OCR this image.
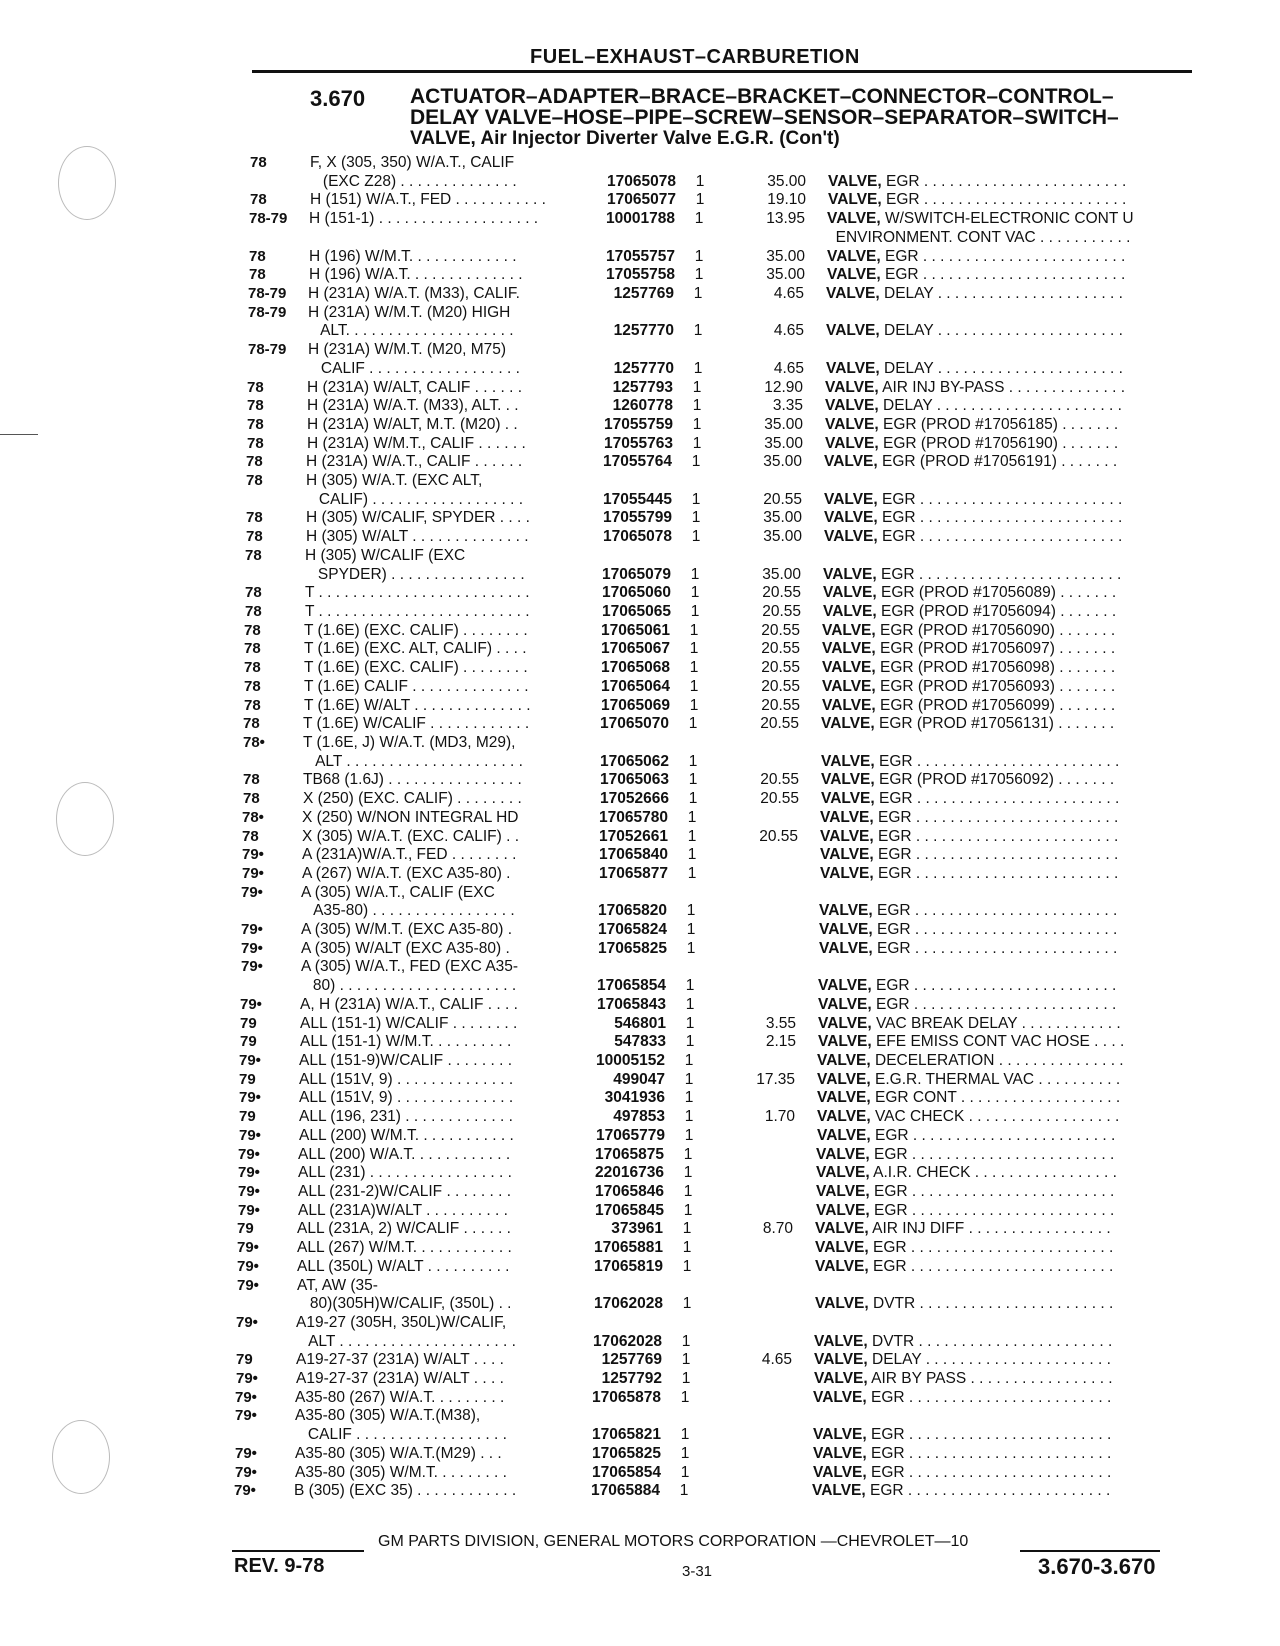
FUEL–EXHAUST–CARBURETION
3.670 ACTUATOR–ADAPTER–BRACE–BRACKET–CONNECTOR–CONTROL–
DELAY VALVE–HOSE–PIPE–SCREW–SENSOR–SEPARATOR–SWITCH–
VALVE, Air Injector Diverter Valve E.G.R. (Con't)
78	F, X (305, 350) W/A.T., CALIF
(EXC Z28) . . . . . . . . . . . . . .	17065078 1	35.00 VALVE, EGR . . . . . . . . . . . . . . . . . . . . . . . .
78	H (151) W/A.T., FED . . . . . . . . . . .	17065077 1	19.10 VALVE, EGR . . . . . . . . . . . . . . . . . . . . . . . .
78-79 H (151-1) . . . . . . . . . . . . . . . . . . .	10001788 1	13.95 VALVE, W/SWITCH-ELECTRONIC CONT U
ENVIRONMENT. CONT VAC . . . . . . . . . . .
78	H (196) W/M.T. . . . . . . . . . . . .	17055757 1	35.00 VALVE, EGR . . . . . . . . . . . . . . . . . . . . . . . .
78	H (196) W/A.T. . . . . . . . . . . . . .	17055758 1	35.00 VALVE, EGR . . . . . . . . . . . . . . . . . . . . . . . .
78-79 H (231A) W/A.T. (M33), CALIF.	1257769 1	4.65 VALVE, DELAY . . . . . . . . . . . . . . . . . . . . . .
78-79 H (231A) W/M.T. (M20) HIGH
ALT. . . . . . . . . . . . . . . . . . . .	1257770 1	4.65 VALVE, DELAY . . . . . . . . . . . . . . . . . . . . . .
78-79 H (231A) W/M.T. (M20, M75)
CALIF . . . . . . . . . . . . . . . . . .	1257770 1	4.65 VALVE, DELAY . . . . . . . . . . . . . . . . . . . . . .
78	H (231A) W/ALT, CALIF . . . . . .	1257793 1	12.90 VALVE, AIR INJ BY-PASS . . . . . . . . . . . . . .
78	H (231A) W/A.T. (M33), ALT. . .	1260778 1	3.35 VALVE, DELAY . . . . . . . . . . . . . . . . . . . . . .
78	H (231A) W/ALT, M.T. (M20) . .	17055759 1	35.00 VALVE, EGR (PROD #17056185) . . . . . . .
78	H (231A) W/M.T., CALIF . . . . . .	17055763 1	35.00 VALVE, EGR (PROD #17056190) . . . . . . .
78	H (231A) W/A.T., CALIF . . . . . .	17055764 1	35.00 VALVE, EGR (PROD #17056191) . . . . . . .
78	H (305) W/A.T. (EXC ALT,
CALIF) . . . . . . . . . . . . . . . . . .	17055445 1	20.55 VALVE, EGR . . . . . . . . . . . . . . . . . . . . . . . .
78	H (305) W/CALIF, SPYDER . . . .	17055799 1	35.00 VALVE, EGR . . . . . . . . . . . . . . . . . . . . . . . .
78	H (305) W/ALT . . . . . . . . . . . . . .	17065078 1	35.00 VALVE, EGR . . . . . . . . . . . . . . . . . . . . . . . .
78	H (305) W/CALIF (EXC
SPYDER) . . . . . . . . . . . . . . . .	17065079 1	35.00 VALVE, EGR . . . . . . . . . . . . . . . . . . . . . . . .
78	T . . . . . . . . . . . . . . . . . . . . . . . . .	17065060 1	20.55 VALVE, EGR (PROD #17056089) . . . . . . .
78	T . . . . . . . . . . . . . . . . . . . . . . . . .	17065065 1	20.55 VALVE, EGR (PROD #17056094) . . . . . . .
78	T (1.6E) (EXC. CALIF) . . . . . . . .	17065061 1	20.55 VALVE, EGR (PROD #17056090) . . . . . . .
78	T (1.6E) (EXC. ALT, CALIF) . . . .	17065067 1	20.55 VALVE, EGR (PROD #17056097) . . . . . . .
78	T (1.6E) (EXC. CALIF) . . . . . . . .	17065068 1	20.55 VALVE, EGR (PROD #17056098) . . . . . . .
78	T (1.6E) CALIF . . . . . . . . . . . . . .	17065064 1	20.55 VALVE, EGR (PROD #17056093) . . . . . . .
78	T (1.6E) W/ALT . . . . . . . . . . . . . .	17065069 1	20.55 VALVE, EGR (PROD #17056099) . . . . . . .
78	T (1.6E) W/CALIF . . . . . . . . . . . .	17065070 1	20.55 VALVE, EGR (PROD #17056131) . . . . . . .
78• T (1.6E, J) W/A.T. (MD3, M29),
ALT . . . . . . . . . . . . . . . . . . . . .	17065062 1	VALVE, EGR . . . . . . . . . . . . . . . . . . . . . . . .
78	TB68 (1.6J) . . . . . . . . . . . . . . . .	17065063 1	20.55 VALVE, EGR (PROD #17056092) . . . . . . .
78	X (250) (EXC. CALIF) . . . . . . . .	17052666 1	20.55 VALVE, EGR . . . . . . . . . . . . . . . . . . . . . . . .
78• X (250) W/NON INTEGRAL HD	17065780 1	VALVE, EGR . . . . . . . . . . . . . . . . . . . . . . . .
78	X (305) W/A.T. (EXC. CALIF) . .	17052661 1	20.55 VALVE, EGR . . . . . . . . . . . . . . . . . . . . . . . .
79• A (231A)W/A.T., FED . . . . . . . .	17065840 1	VALVE, EGR . . . . . . . . . . . . . . . . . . . . . . . .
79• A (267) W/A.T. (EXC A35-80) .	17065877 1	VALVE, EGR . . . . . . . . . . . . . . . . . . . . . . . .
79• A (305) W/A.T., CALIF (EXC
A35-80) . . . . . . . . . . . . . . . . .	17065820 1	VALVE, EGR . . . . . . . . . . . . . . . . . . . . . . . .
79• A (305) W/M.T. (EXC A35-80) .	17065824 1	VALVE, EGR . . . . . . . . . . . . . . . . . . . . . . . .
79• A (305) W/ALT (EXC A35-80) .	17065825 1	VALVE, EGR . . . . . . . . . . . . . . . . . . . . . . . .
79• A (305) W/A.T., FED (EXC A35-
80) . . . . . . . . . . . . . . . . . . . . .	17065854 1	VALVE, EGR . . . . . . . . . . . . . . . . . . . . . . . .
79• A, H (231A) W/A.T., CALIF . . . .	17065843 1	VALVE, EGR . . . . . . . . . . . . . . . . . . . . . . . .
79	ALL (151-1) W/CALIF . . . . . . . .	546801 1	3.55 VALVE, VAC BREAK DELAY . . . . . . . . . . . .
79	ALL (151-1) W/M.T. . . . . . . . . .	547833 1	2.15 VALVE, EFE EMISS CONT VAC HOSE . . . .
79• ALL (151-9)W/CALIF . . . . . . . .	10005152 1	VALVE, DECELERATION . . . . . . . . . . . . . . .
79	ALL (151V, 9) . . . . . . . . . . . . . .	499047 1	17.35 VALVE, E.G.R. THERMAL VAC . . . . . . . . . .
79• ALL (151V, 9) . . . . . . . . . . . . . .	3041936 1	VALVE, EGR CONT . . . . . . . . . . . . . . . . . . .
79	ALL (196, 231) . . . . . . . . . . . . .	497853 1	1.70 VALVE, VAC CHECK . . . . . . . . . . . . . . . . . .
79• ALL (200) W/M.T. . . . . . . . . . . .	17065779 1	VALVE, EGR . . . . . . . . . . . . . . . . . . . . . . . .
79• ALL (200) W/A.T. . . . . . . . . . . .	17065875 1	VALVE, EGR . . . . . . . . . . . . . . . . . . . . . . . .
79• ALL (231) . . . . . . . . . . . . . . . . .	22016736 1	VALVE, A.I.R. CHECK . . . . . . . . . . . . . . . . .
79• ALL (231-2)W/CALIF . . . . . . . .	17065846 1	VALVE, EGR . . . . . . . . . . . . . . . . . . . . . . . .
79• ALL (231A)W/ALT . . . . . . . . . .	17065845 1	VALVE, EGR . . . . . . . . . . . . . . . . . . . . . . . .
79	ALL (231A, 2) W/CALIF . . . . . .	373961 1	8.70 VALVE, AIR INJ DIFF . . . . . . . . . . . . . . . . .
79• ALL (267) W/M.T. . . . . . . . . . . .	17065881 1	VALVE, EGR . . . . . . . . . . . . . . . . . . . . . . . .
79• ALL (350L) W/ALT . . . . . . . . . .	17065819 1	VALVE, EGR . . . . . . . . . . . . . . . . . . . . . . . .
79• AT, AW (35-
80)(305H)W/CALIF, (350L) . .	17062028 1	VALVE, DVTR . . . . . . . . . . . . . . . . . . . . . . .
79• A19-27 (305H, 350L)W/CALIF,
ALT . . . . . . . . . . . . . . . . . . . . .	17062028 1	VALVE, DVTR . . . . . . . . . . . . . . . . . . . . . . .
79	A19-27-37 (231A) W/ALT . . . .	1257769 1	4.65 VALVE, DELAY . . . . . . . . . . . . . . . . . . . . . .
79• A19-27-37 (231A) W/ALT . . . .	1257792 1	VALVE, AIR BY PASS . . . . . . . . . . . . . . . . .
79• A35-80 (267) W/A.T. . . . . . . . .	17065878 1	VALVE, EGR . . . . . . . . . . . . . . . . . . . . . . . .
79• A35-80 (305) W/A.T.(M38),
CALIF . . . . . . . . . . . . . . . . . .	17065821 1	VALVE, EGR . . . . . . . . . . . . . . . . . . . . . . . .
79• A35-80 (305) W/A.T.(M29) . . .	17065825 1	VALVE, EGR . . . . . . . . . . . . . . . . . . . . . . . .
79• A35-80 (305) W/M.T. . . . . . . . .	17065854 1	VALVE, EGR . . . . . . . . . . . . . . . . . . . . . . . .
79• B (305) (EXC 35) . . . . . . . . . . . .	17065884 1	VALVE, EGR . . . . . . . . . . . . . . . . . . . . . . . .
GM PARTS DIVISION, GENERAL MOTORS CORPORATION —CHEVROLET—10
REV. 9-78	3-31	3.670-3.670
